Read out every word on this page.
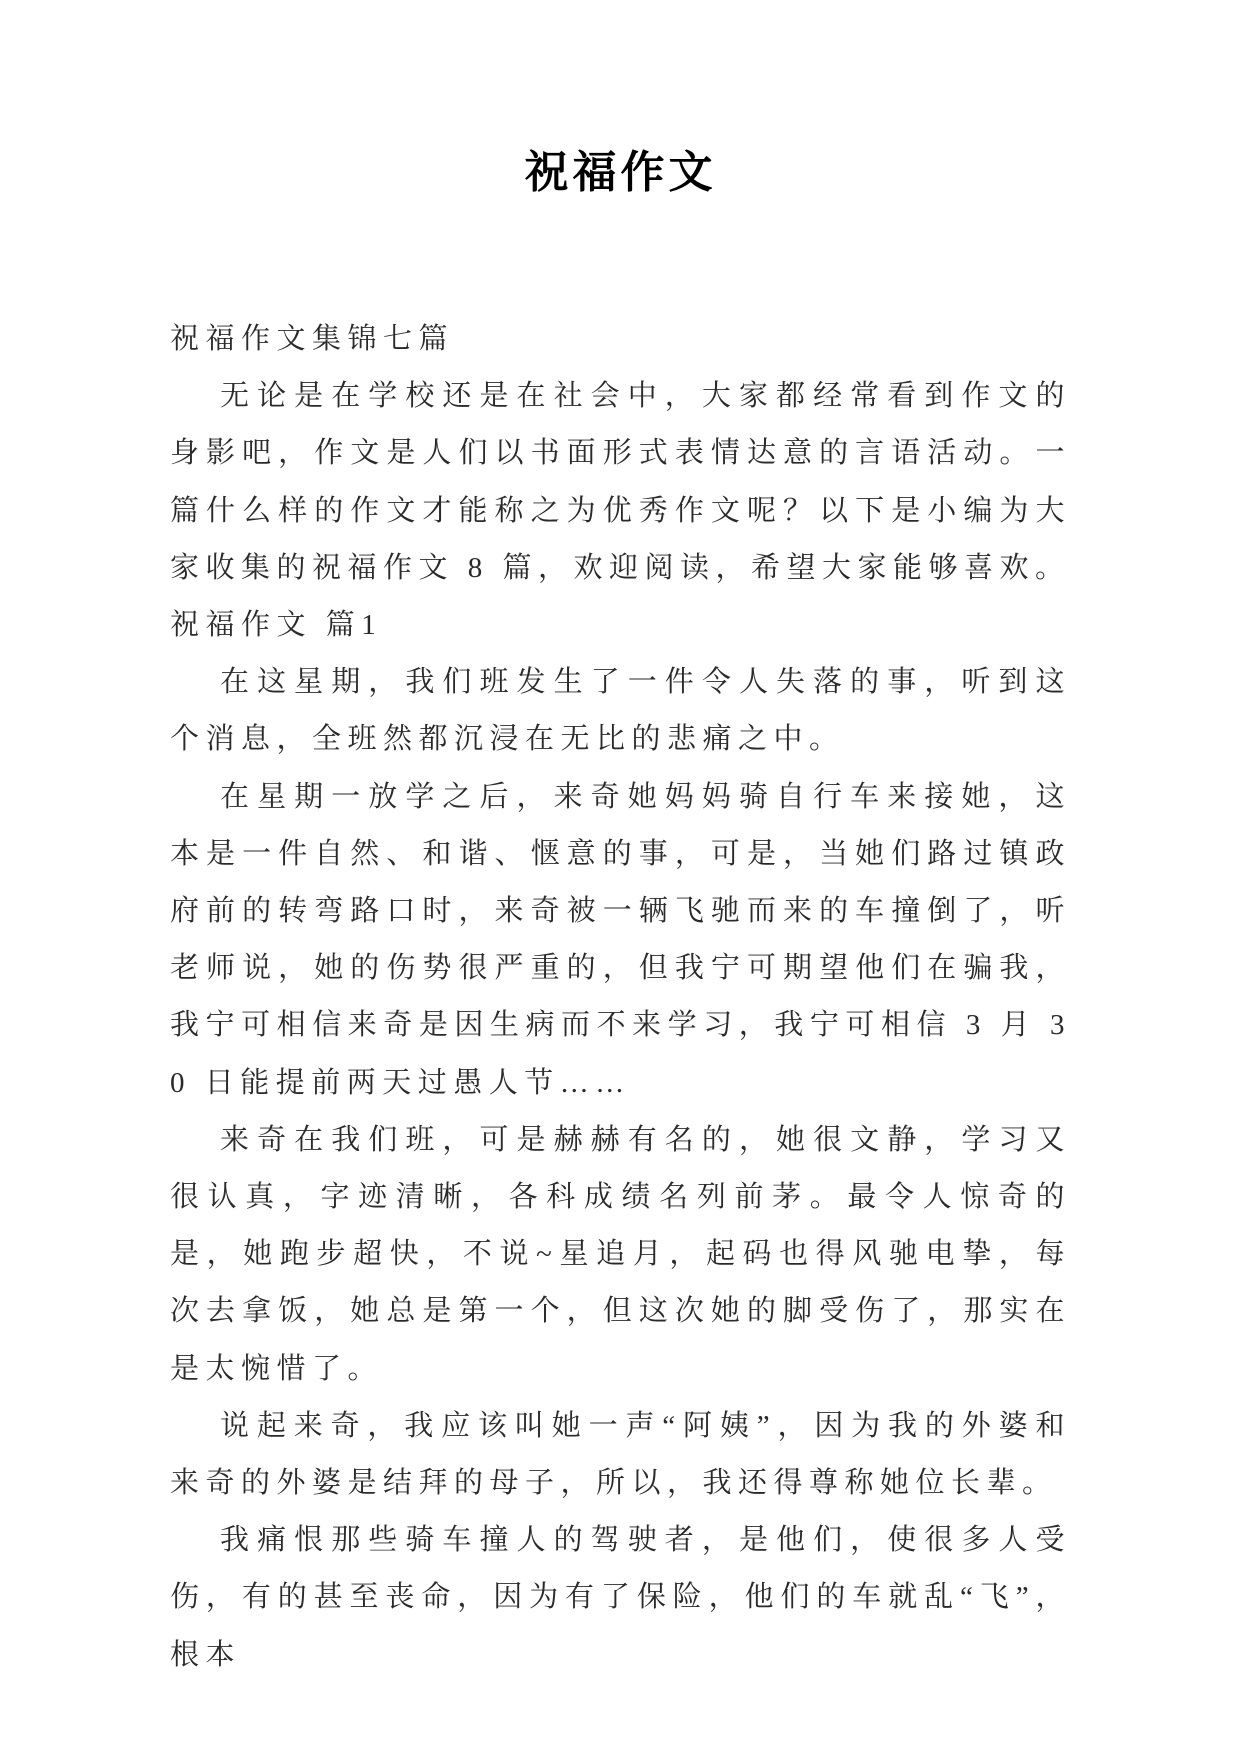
祝福作文

祝福作文集锦七篇

无论是在学校还是在社会中，大家都经常看到作文的身影吧，作文是人们以书面形式表情达意的言语活动。一篇什么样的作文才能称之为优秀作文呢？以下是小编为大家收集的祝福作文 8 篇，欢迎阅读，希望大家能够喜欢。

祝福作文 篇1

在这星期，我们班发生了一件令人失落的事，听到这个消息，全班然都沉浸在无比的悲痛之中。

在星期一放学之后，来奇她妈妈骑自行车来接她，这本是一件自然、和谐、惬意的事，可是，当她们路过镇政府前的转弯路口时，来奇被一辆飞驰而来的车撞倒了，听老师说，她的伤势很严重的，但我宁可期望他们在骗我，我宁可相信来奇是因生病而不来学习，我宁可相信 3 月 30 日能提前两天过愚人节……

来奇在我们班，可是赫赫有名的，她很文静，学习又很认真，字迹清晰，各科成绩名列前茅。最令人惊奇的是，她跑步超快，不说~星追月，起码也得风驰电挚，每次去拿饭，她总是第一个，但这次她的脚受伤了，那实在是太惋惜了。

说起来奇，我应该叫她一声“阿姨”，因为我的外婆和来奇的外婆是结拜的母子，所以，我还得尊称她位长辈。

我痛恨那些骑车撞人的驾驶者，是他们，使很多人受伤，有的甚至丧命，因为有了保险，他们的车就乱“飞”，根本
